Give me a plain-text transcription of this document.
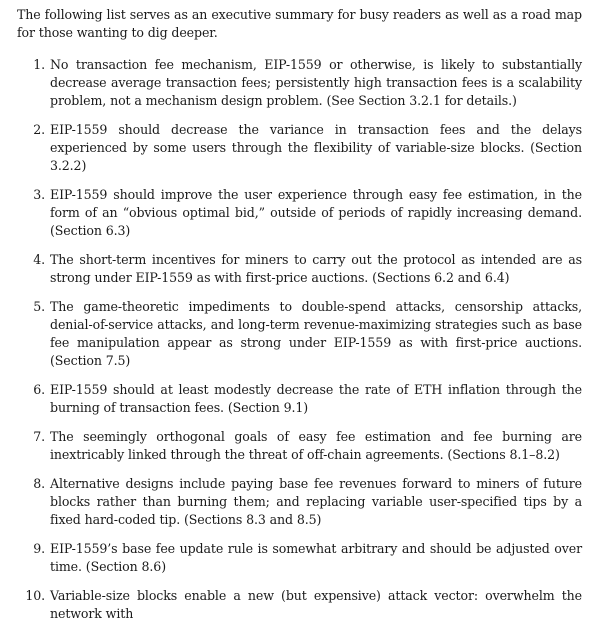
The following list serves as an executive summary for busy readers as well as a road map for those wanting to dig deeper.

1. No transaction fee mechanism, EIP-1559 or otherwise, is likely to substantially decrease average transaction fees; persistently high transaction fees is a scalability problem, not a mechanism design problem. (See Section 3.2.1 for details.)
2. EIP-1559 should decrease the variance in transaction fees and the delays experienced by some users through the flexibility of variable-size blocks. (Section 3.2.2)
3. EIP-1559 should improve the user experience through easy fee estimation, in the form of an “obvious optimal bid,” outside of periods of rapidly increasing demand. (Section 6.3)
4. The short-term incentives for miners to carry out the protocol as intended are as strong under EIP-1559 as with first-price auctions. (Sections 6.2 and 6.4)
5. The game-theoretic impediments to double-spend attacks, censorship attacks, denial-of-service attacks, and long-term revenue-maximizing strategies such as base fee manipulation appear as strong under EIP-1559 as with first-price auctions. (Section 7.5)
6. EIP-1559 should at least modestly decrease the rate of ETH inflation through the burning of transaction fees. (Section 9.1)
7. The seemingly orthogonal goals of easy fee estimation and fee burning are inextricably linked through the threat of off-chain agreements. (Sections 8.1–8.2)
8. Alternative designs include paying base fee revenues forward to miners of future blocks rather than burning them; and replacing variable user-specified tips by a fixed hard-coded tip. (Sections 8.3 and 8.5)
9. EIP-1559’s base fee update rule is somewhat arbitrary and should be adjusted over time. (Section 8.6)
10. Variable-size blocks enable a new (but expensive) attack vector: overwhelm the network with
